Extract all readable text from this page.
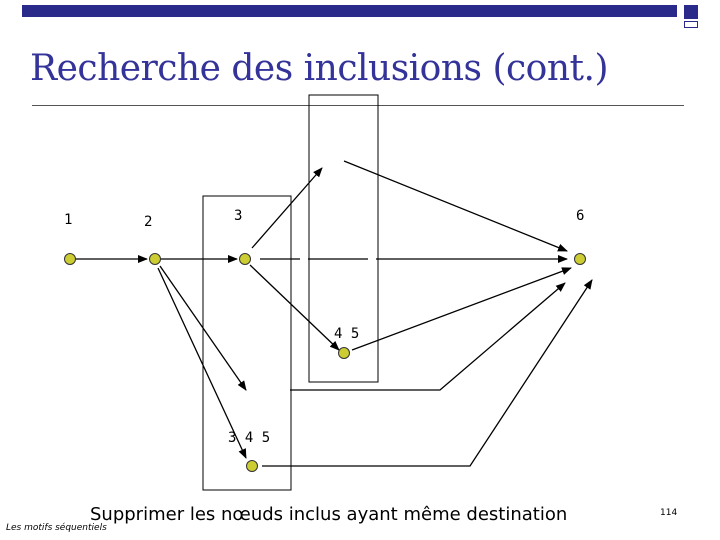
Recherche des inclusions (cont.)
1	2	3	6
4 5
3 4 5
Supprimer les nœuds inclus ayant même destination
Les motifs séquentiels
114
